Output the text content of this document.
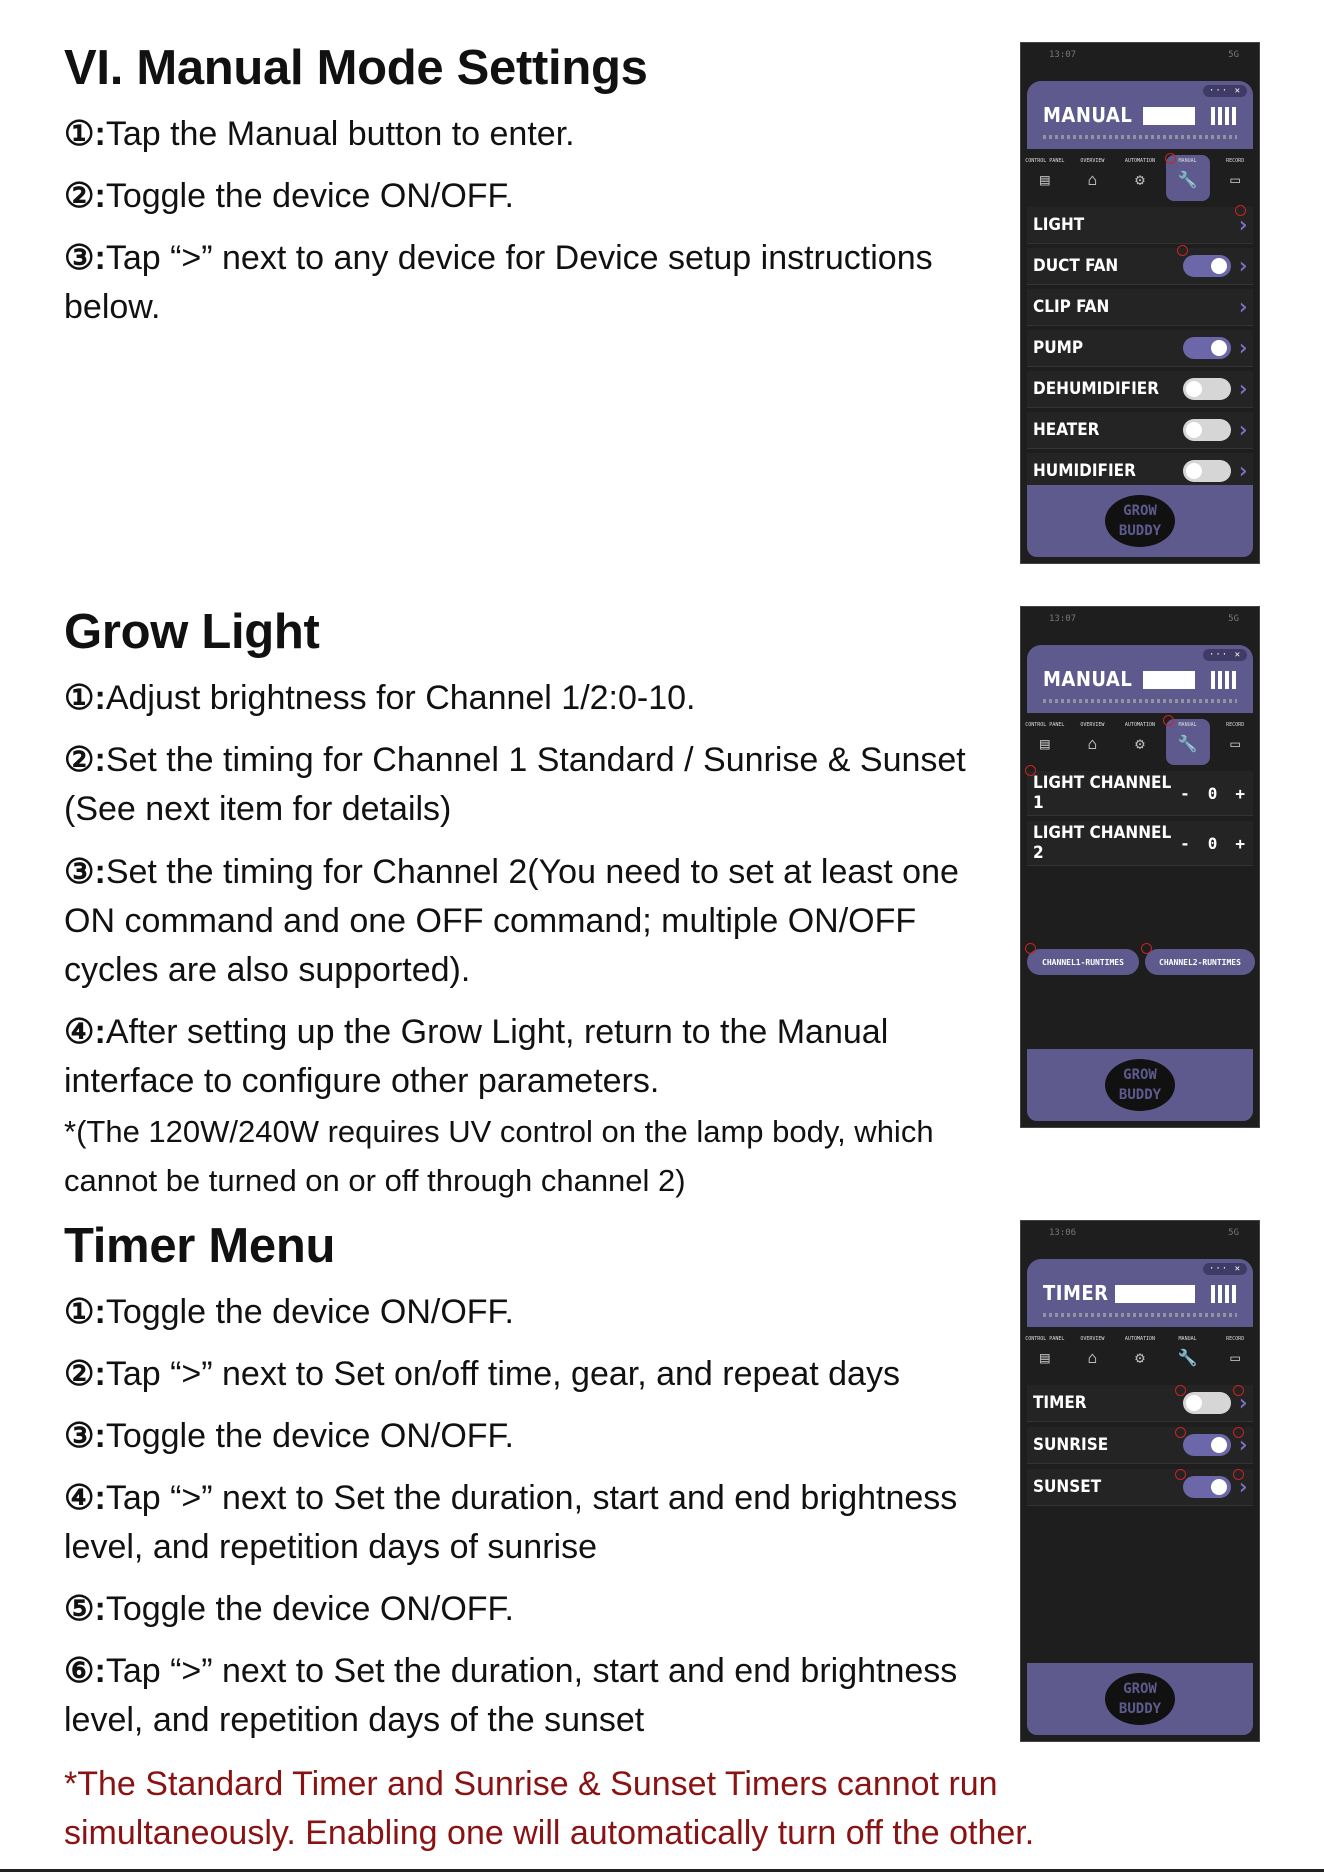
VI. Manual Mode Settings

①:Tap the Manual button to enter.

②:Toggle the device ON/OFF.

③:Tap “>” next to any device for Device setup instructions below.

13:07	5G
··· ✕
MANUAL
CONTROL PANEL
▤
OVERVIEW
⌂
AUTOMATION
⚙
MANUAL
🔧
RECORD
▭
LIGHT	›
DUCT FAN	›
CLIP FAN	›
PUMP	›
DEHUMIDIFIER	›
HEATER	›
HUMIDIFIER	›
GROW BUDDY
Grow Light

①:Adjust brightness for Channel 1/2:0-10.

②:Set the timing for Channel 1 Standard / Sunrise & Sunset (See next item for details)

③:Set the timing for Channel 2(You need to set at least one ON command and one OFF command; multiple ON/OFF cycles are also supported).

④:After setting up the Grow Light, return to the Manual interface to configure other parameters.

*(The 120W/240W requires UV control on the lamp body, which cannot be turned on or off through channel 2)

13:07	5G
··· ✕
MANUAL
CONTROL PANEL
▤
OVERVIEW
⌂
AUTOMATION
⚙
MANUAL
🔧
RECORD
▭
LIGHT CHANNEL 1	- 0 +
LIGHT CHANNEL 2	- 0 +
CHANNEL1-RUNTIMES	CHANNEL2-RUNTIMES
GROW BUDDY
Timer Menu

①:Toggle the device ON/OFF.

②:Tap “>” next to Set on/off time, gear, and repeat days

③:Toggle the device ON/OFF.

④:Tap “>” next to Set the duration, start and end brightness level, and repetition days of sunrise

⑤:Toggle the device ON/OFF.

⑥:Tap “>” next to Set the duration, start and end brightness level, and repetition days of the sunset

*The Standard Timer and Sunrise & Sunset Timers cannot run simultaneously. Enabling one will automatically turn off the other.

13:06	5G
··· ✕
TIMER
CONTROL PANEL
▤
OVERVIEW
⌂
AUTOMATION
⚙
MANUAL
🔧
RECORD
▭
TIMER	›
SUNRISE	›
SUNSET	›
GROW BUDDY
